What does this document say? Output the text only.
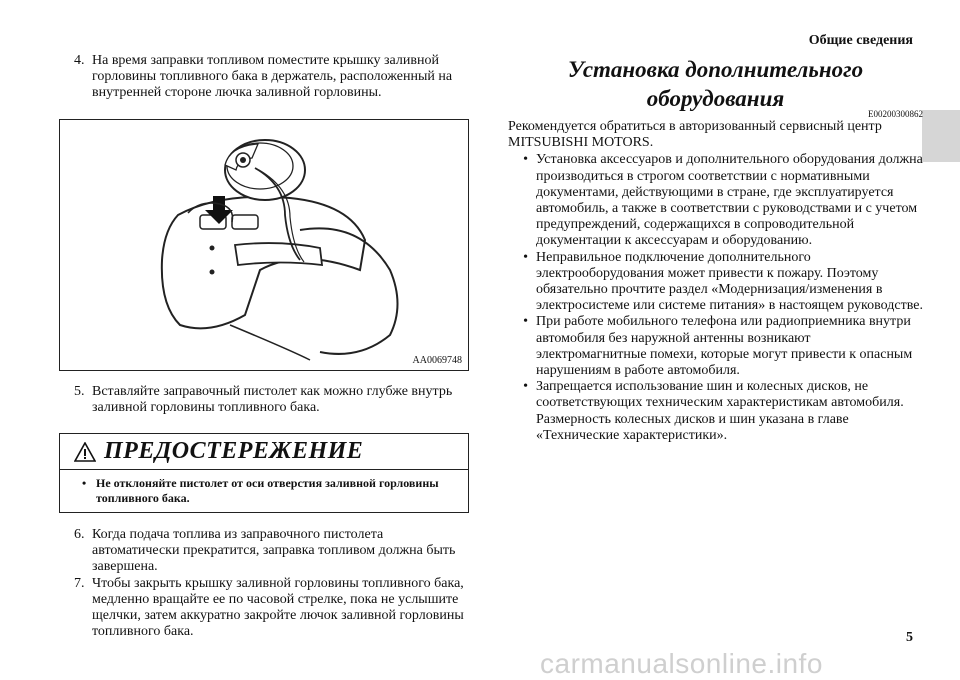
Общие сведения
4. На время заправки топливом поместите крышку заливной горловины топливного бака в держатель, расположенный на внутренней стороне лючка заливной горловины.
AA0069748
5. Вставляйте заправочный пистолет как можно глубже внутрь заливной горловины топливного бака.
ПРЕДОСТЕРЕЖЕНИЕ
• Не отклоняйте пистолет от оси отверстия заливной горловины топливного бака.
6. Когда подача топлива из заправочного пистолета автоматически прекратится, заправка топливом должна быть завершена.
7. Чтобы закрыть крышку заливной горловины топливного бака, медленно вращайте ее по часовой стрелке, пока не услышите щелчки, затем аккуратно закройте лючок заливной горловины топливного бака.
Установка дополнительного
оборудования
E00200300862
Рекомендуется обратиться в авторизованный сервисный центр MITSUBISHI MOTORS.
• Установка аксессуаров и дополнительного оборудования должна производиться в строгом соответствии с нормативными документами, действующими в стране, где эксплуатируется автомобиль, а также в соответствии с руководствами и с учетом предупреждений, содержащихся в сопроводительной документации к аксессуарам и оборудованию.
• Неправильное подключение дополнительного электрооборудования может привести к пожару. Поэтому обязательно прочтите раздел «Модернизация/изменения в электросистеме или системе питания» в настоящем руководстве.
• При работе мобильного телефона или радиоприемника внутри автомобиля без наружной антенны возникают электромагнитные помехи, которые могут привести к опасным нарушениям в работе автомобиля.
• Запрещается использование шин и колесных дисков, не соответствующих техническим характеристикам автомобиля. Размерность колесных дисков и шин указана в главе «Технические характеристики».
5
carmanualsonline.info
